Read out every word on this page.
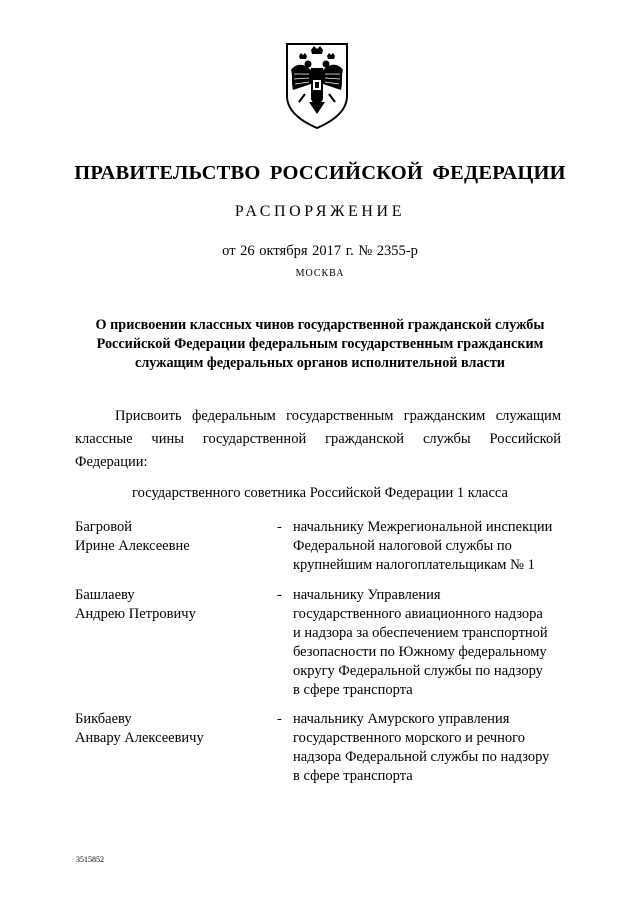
ПРАВИТЕЛЬСТВО РОССИЙСКОЙ ФЕДЕРАЦИИ
РАСПОРЯЖЕНИЕ
от 26 октября 2017 г. № 2355-р
МОСКВА
О присвоении классных чинов государственной гражданской службы
Российской Федерации федеральным государственным гражданским
служащим федеральных органов исполнительной власти
Присвоить федеральным государственным гражданским служащим
классные чины государственной гражданской службы Российской
Федерации:
государственного советника Российской Федерации 1 класса
Багровой
Ирине Алексеевне
- начальнику Межрегиональной инспекции
Федеральной налоговой службы по
крупнейшим налогоплательщикам № 1
Башлаеву
Андрею Петровичу
- начальнику Управления
государственного авиационного надзора
и надзора за обеспечением транспортной
безопасности по Южному федеральному
округу Федеральной службы по надзору
в сфере транспорта
Бикбаеву
Анвару Алексеевичу
- начальнику Амурского управления
государственного морского и речного
надзора Федеральной службы по надзору
в сфере транспорта
3515852
